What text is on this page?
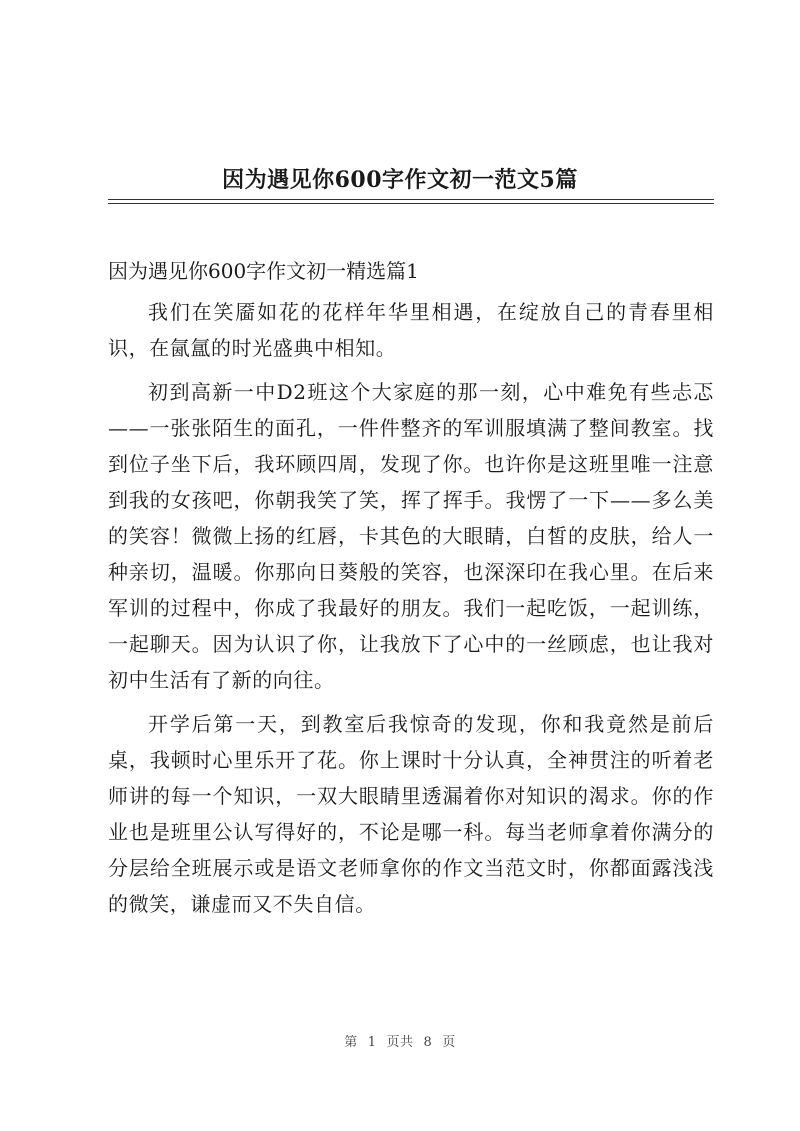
因为遇见你600字作文初一范文5篇
因为遇见你600字作文初一精选篇1

我们在笑靥如花的花样年华里相遇，在绽放自己的青春里相识，在氤氲的时光盛典中相知。

初到高新一中D2班这个大家庭的那一刻，心中难免有些忐忑——一张张陌生的面孔，一件件整齐的军训服填满了整间教室。找到位子坐下后，我环顾四周，发现了你。也许你是这班里唯一注意到我的女孩吧，你朝我笑了笑，挥了挥手。我愣了一下——多么美的笑容！微微上扬的红唇，卡其色的大眼睛，白皙的皮肤，给人一种亲切，温暖。你那向日葵般的笑容，也深深印在我心里。在后来军训的过程中，你成了我最好的朋友。我们一起吃饭，一起训练，一起聊天。因为认识了你，让我放下了心中的一丝顾虑，也让我对初中生活有了新的向往。

开学后第一天，到教室后我惊奇的发现，你和我竟然是前后桌，我顿时心里乐开了花。你上课时十分认真，全神贯注的听着老师讲的每一个知识，一双大眼睛里透漏着你对知识的渴求。你的作业也是班里公认写得好的，不论是哪一科。每当老师拿着你满分的分层给全班展示或是语文老师拿你的作文当范文时，你都面露浅浅的微笑，谦虚而又不失自信。

第 1 页共 8 页
